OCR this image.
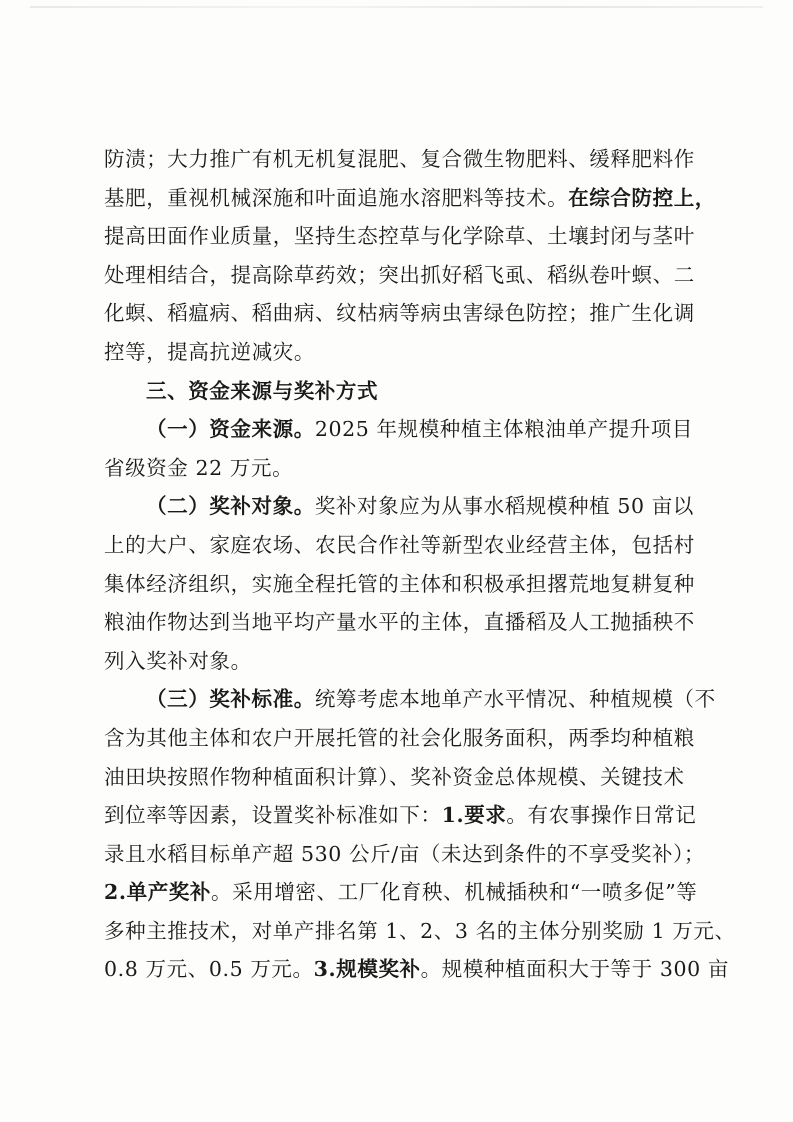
防渍；大力推广有机无机复混肥、复合微生物肥料、缓释肥料作
基肥，重视机械深施和叶面追施水溶肥料等技术。在综合防控上，
提高田面作业质量，坚持生态控草与化学除草、土壤封闭与茎叶
处理相结合，提高除草药效；突出抓好稻飞虱、稻纵卷叶螟、二
化螟、稻瘟病、稻曲病、纹枯病等病虫害绿色防控；推广生化调
控等，提高抗逆减灾。
三、资金来源与奖补方式
（一）资金来源。2025 年规模种植主体粮油单产提升项目
省级资金 22 万元。
（二）奖补对象。奖补对象应为从事水稻规模种植 50 亩以
上的大户、家庭农场、农民合作社等新型农业经营主体，包括村
集体经济组织，实施全程托管的主体和积极承担撂荒地复耕复种
粮油作物达到当地平均产量水平的主体，直播稻及人工抛插秧不
列入奖补对象。
（三）奖补标准。统筹考虑本地单产水平情况、种植规模（不
含为其他主体和农户开展托管的社会化服务面积，两季均种植粮
油田块按照作物种植面积计算）、奖补资金总体规模、关键技术
到位率等因素，设置奖补标准如下：1.要求。有农事操作日常记
录且水稻目标单产超 530 公斤/亩（未达到条件的不享受奖补）；
2.单产奖补。采用增密、工厂化育秧、机械插秧和“一喷多促”等
多种主推技术，对单产排名第 1、2、3 名的主体分别奖励 1 万元、
0.8 万元、0.5 万元。3.规模奖补。规模种植面积大于等于 300 亩
